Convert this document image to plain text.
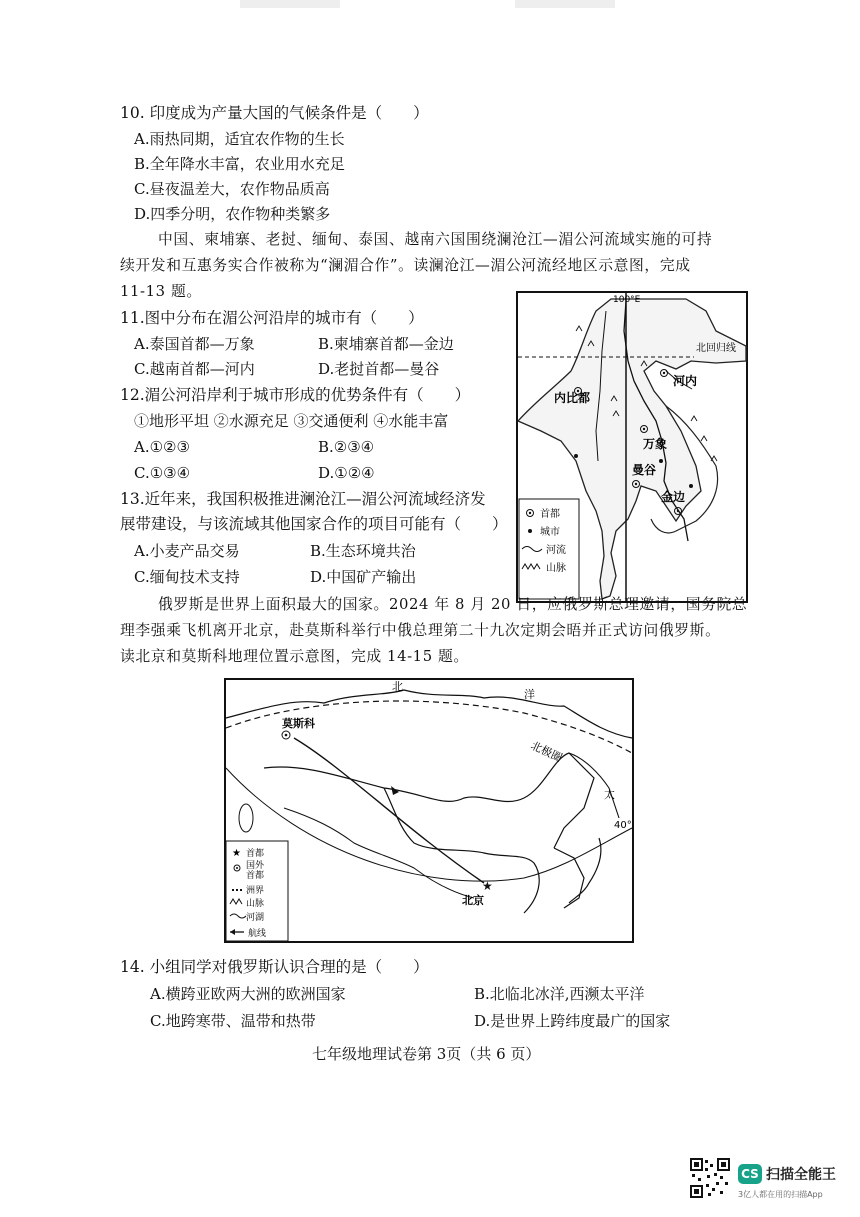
10. 印度成为产量大国的气候条件是（　　）
A.雨热同期，适宜农作物的生长
B.全年降水丰富，农业用水充足
C.昼夜温差大，农作物品质高
D.四季分明，农作物种类繁多
中国、柬埔寨、老挝、缅甸、泰国、越南六国围绕澜沧江—湄公河流域实施的可持
续开发和互惠务实合作被称为“澜湄合作”。读澜沧江—湄公河流经地区示意图，完成
11-13 题。
11.图中分布在湄公河沿岸的城市有（　　）
A.泰国首都—万象	B.柬埔寨首都—金边
C.越南首都—河内	D.老挝首都—曼谷
12.湄公河沿岸利于城市形成的优势条件有（　　）
①地形平坦 ②水源充足 ③交通便利 ④水能丰富
A.①②③	B.②③④
C.①③④	D.①②④
13.近年来，我国积极推进澜沧江—湄公河流域经济发
展带建设，与该流域其他国家合作的项目可能有（　　）
A.小麦产品交易	B.生态环境共治
C.缅甸技术支持	D.中国矿产输出
100°E
北回归线
内比都
河内
万象
曼谷
金边
首都
城市
河流
山脉
俄罗斯是世界上面积最大的国家。2024 年 8 月 20 日，应俄罗斯总理邀请，国务院总
理李强乘飞机离开北京，赴莫斯科举行中俄总理第二十九次定期会晤并正式访问俄罗斯。
读北京和莫斯科地理位置示意图，完成 14-15 题。
北极圈
北
洋
太
40°
莫斯科
★
北京
★ 首都
国外
首都
洲界
山脉
河湖
航线
14. 小组同学对俄罗斯认识合理的是（　　）
A.横跨亚欧两大洲的欧洲国家	B.北临北冰洋,西濒太平洋
C.地跨寒带、温带和热带	D.是世界上跨纬度最广的国家
七年级地理试卷第 3页（共 6 页）
CS 扫描全能王
3亿人都在用的扫描App
